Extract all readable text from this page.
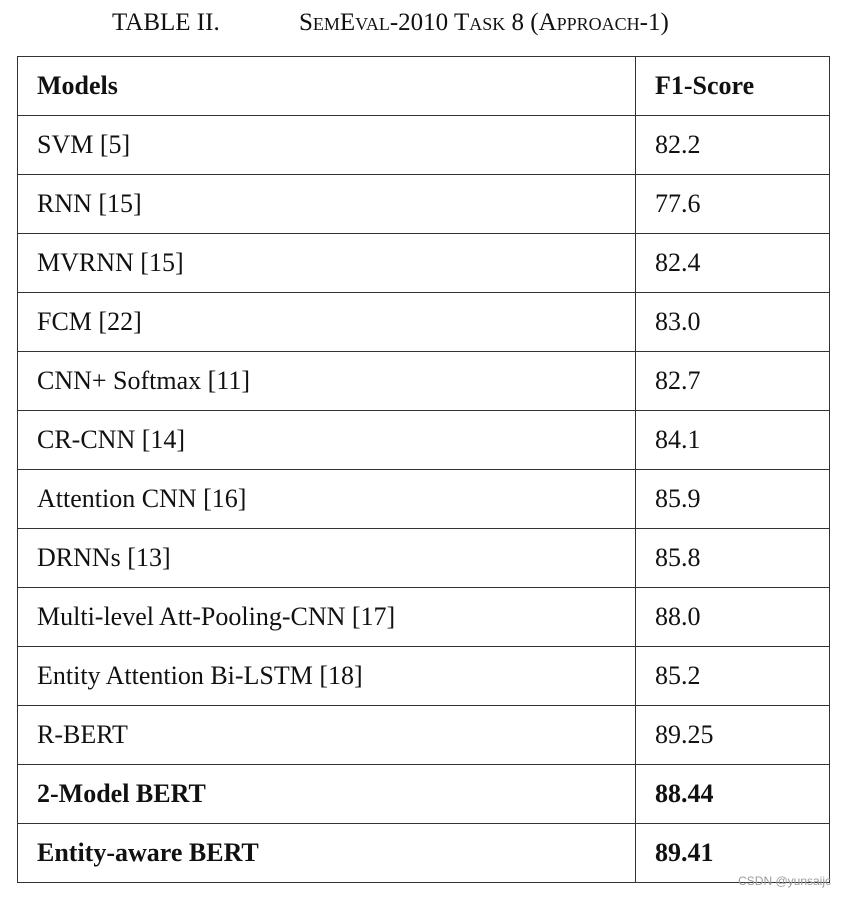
TABLE II.	SemEval-2010 Task 8 (Approach-1)
Models	F1-Score
SVM [5]	82.2
RNN [15]	77.6
MVRNN [15]	82.4
FCM [22]	83.0
CNN+ Softmax [11]	82.7
CR-CNN [14]	84.1
Attention CNN [16]	85.9
DRNNs [13]	85.8
Multi-level Att-Pooling-CNN [17]	88.0
Entity Attention Bi-LSTM [18]	85.2
R-BERT	89.25
2-Model BERT	88.44
Entity-aware BERT	89.41
CSDN @yunsaijc
